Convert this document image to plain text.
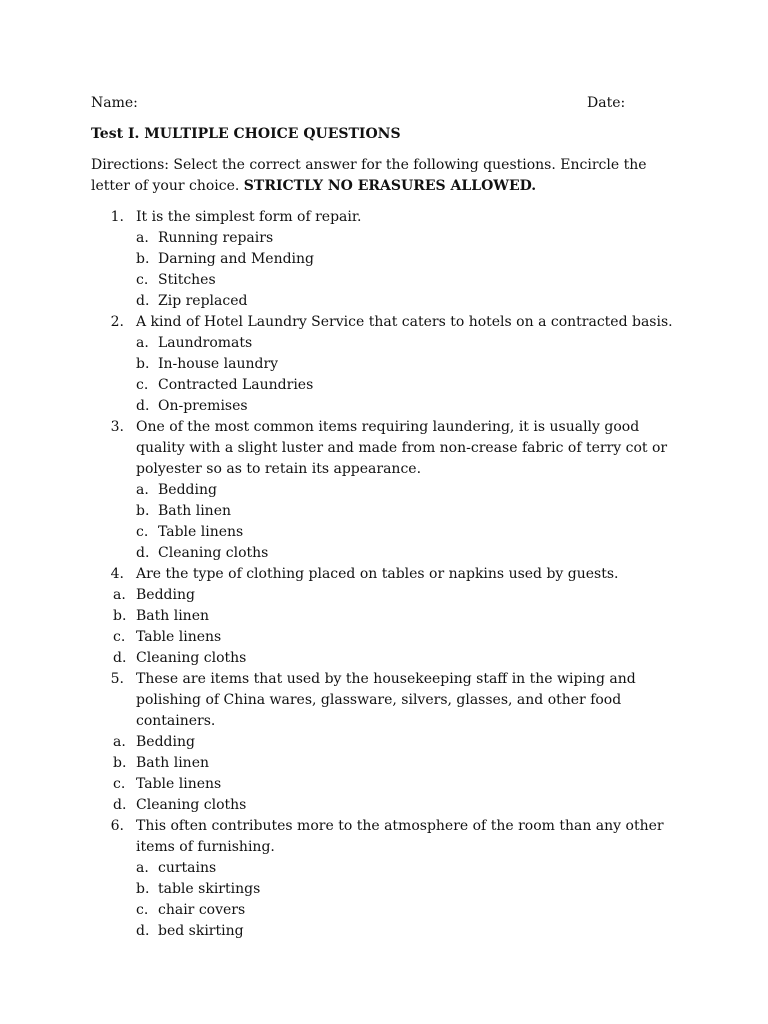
Name:	Date:
Test I. MULTIPLE CHOICE QUESTIONS
Directions: Select the correct answer for the following questions. Encircle the letter of your choice. STRICTLY NO ERASURES ALLOWED.
1. It is the simplest form of repair.
a. Running repairs
b. Darning and Mending
c. Stitches
d. Zip replaced
2. A kind of Hotel Laundry Service that caters to hotels on a contracted basis.
a. Laundromats
b. In-house laundry
c. Contracted Laundries
d. On-premises
3. One of the most common items requiring laundering, it is usually good quality with a slight luster and made from non-crease fabric of terry cot or polyester so as to retain its appearance.
a. Bedding
b. Bath linen
c. Table linens
d. Cleaning cloths
4. Are the type of clothing placed on tables or napkins used by guests.
a. Bedding
b. Bath linen
c. Table linens
d. Cleaning cloths
5. These are items that used by the housekeeping staff in the wiping and polishing of China wares, glassware, silvers, glasses, and other food containers.
a. Bedding
b. Bath linen
c. Table linens
d. Cleaning cloths
6. This often contributes more to the atmosphere of the room than any other items of furnishing.
a. curtains
b. table skirtings
c. chair covers
d. bed skirting
